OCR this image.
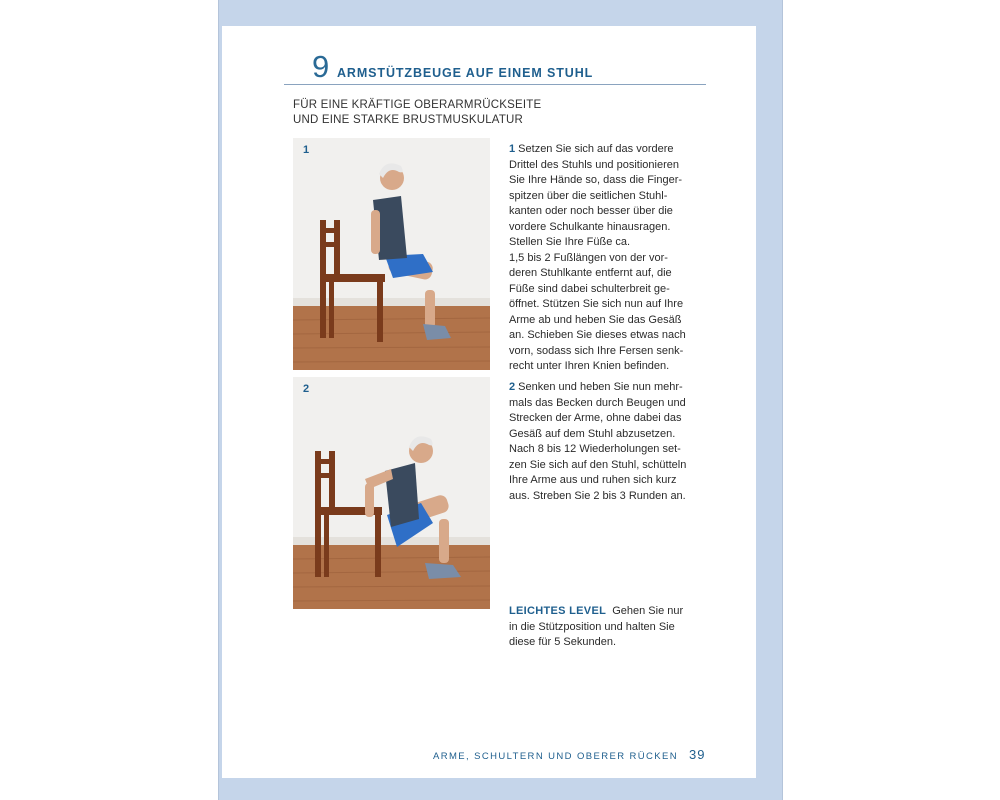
9 ARMSTÜTZBEUGE AUF EINEM STUHL
FÜR EINE KRÄFTIGE OBERARMRÜCKSEITE
UND EINE STARKE BRUSTMUSKULATUR
1
2

1 Setzen Sie sich auf das vordere

Drittel des Stuhls und positionieren

Sie Ihre Hände so, dass die Finger-

spitzen über die seitlichen Stuhl-

kanten oder noch besser über die

vordere Schulkante hinausragen.

Stellen Sie Ihre Füße ca.

1,5 bis 2 Fußlängen von der vor-

deren Stuhlkante entfernt auf, die

Füße sind dabei schulterbreit ge-

öffnet. Stützen Sie sich nun auf Ihre

Arme ab und heben Sie das Gesäß

an. Schieben Sie dieses etwas nach

vorn, sodass sich Ihre Fersen senk-

recht unter Ihren Knien befinden.

2 Senken und heben Sie nun mehr-

mals das Becken durch Beugen und

Strecken der Arme, ohne dabei das

Gesäß auf dem Stuhl abzusetzen.

Nach 8 bis 12 Wiederholungen set-

zen Sie sich auf den Stuhl, schütteln

Ihre Arme aus und ruhen sich kurz

aus. Streben Sie 2 bis 3 Runden an.

LEICHTES LEVEL  Gehen Sie nur

in die Stützposition und halten Sie

diese für 5 Sekunden.

ARME, SCHULTERN UND OBERER RÜCKEN 39
